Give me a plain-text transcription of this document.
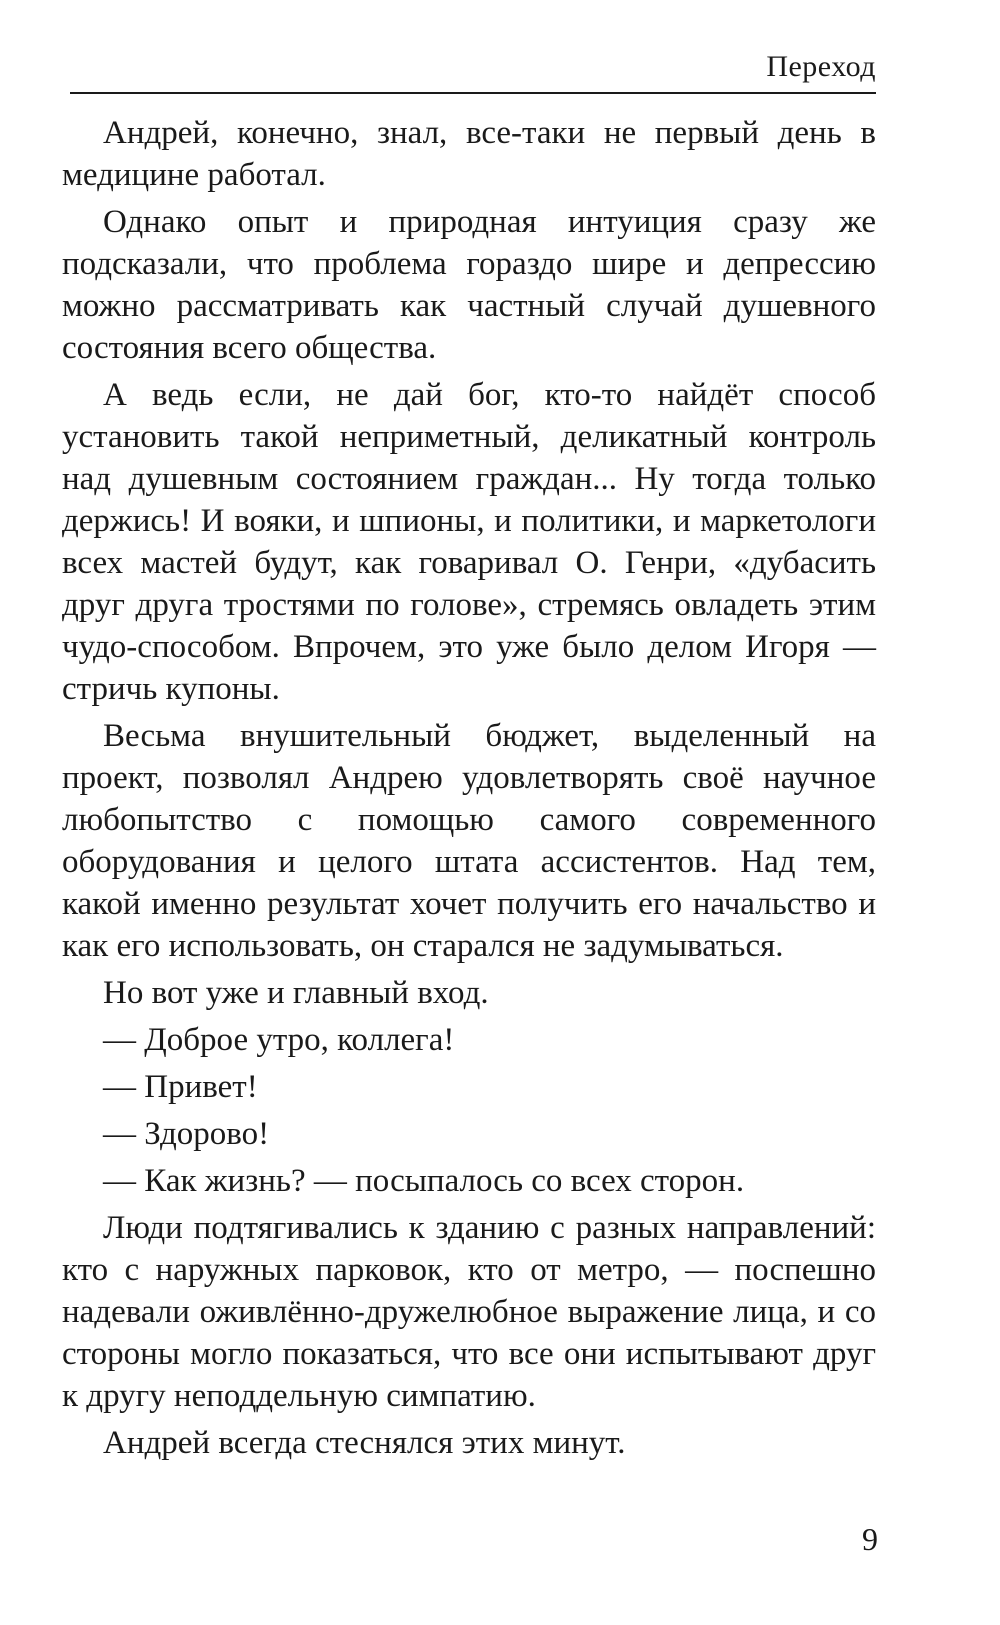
Переход

Андрей, конечно, знал, все-таки не первый день в медицине работал.

Однако опыт и природная интуиция сразу же подсказали, что проблема гораздо шире и депрессию можно рассматривать как частный случай душевного состояния всего общества.

А ведь если, не дай бог, кто-то найдёт способ установить такой неприметный, деликатный контроль над душевным состоянием граждан... Ну тогда только держись! И вояки, и шпионы, и политики, и маркетологи всех мастей будут, как говаривал О. Генри, «дубасить друг друга тростями по голове», стремясь овладеть этим чудо-способом. Впрочем, это уже было делом Игоря — стричь купоны.

Весьма внушительный бюджет, выделенный на проект, позволял Андрею удовлетворять своё научное любопытство с помощью самого современного оборудования и целого штата ассистентов. Над тем, какой именно результат хочет получить его начальство и как его использовать, он старался не задумываться.

Но вот уже и главный вход.

— Доброе утро, коллега!

— Привет!

— Здорово!

— Как жизнь? — посыпалось со всех сторон.

Люди подтягивались к зданию с разных направлений: кто с наружных парковок, кто от метро, — поспешно надевали оживлённо-дружелюбное выражение лица, и со стороны могло показаться, что все они испытывают друг к другу неподдельную симпатию.

Андрей всегда стеснялся этих минут.

9
